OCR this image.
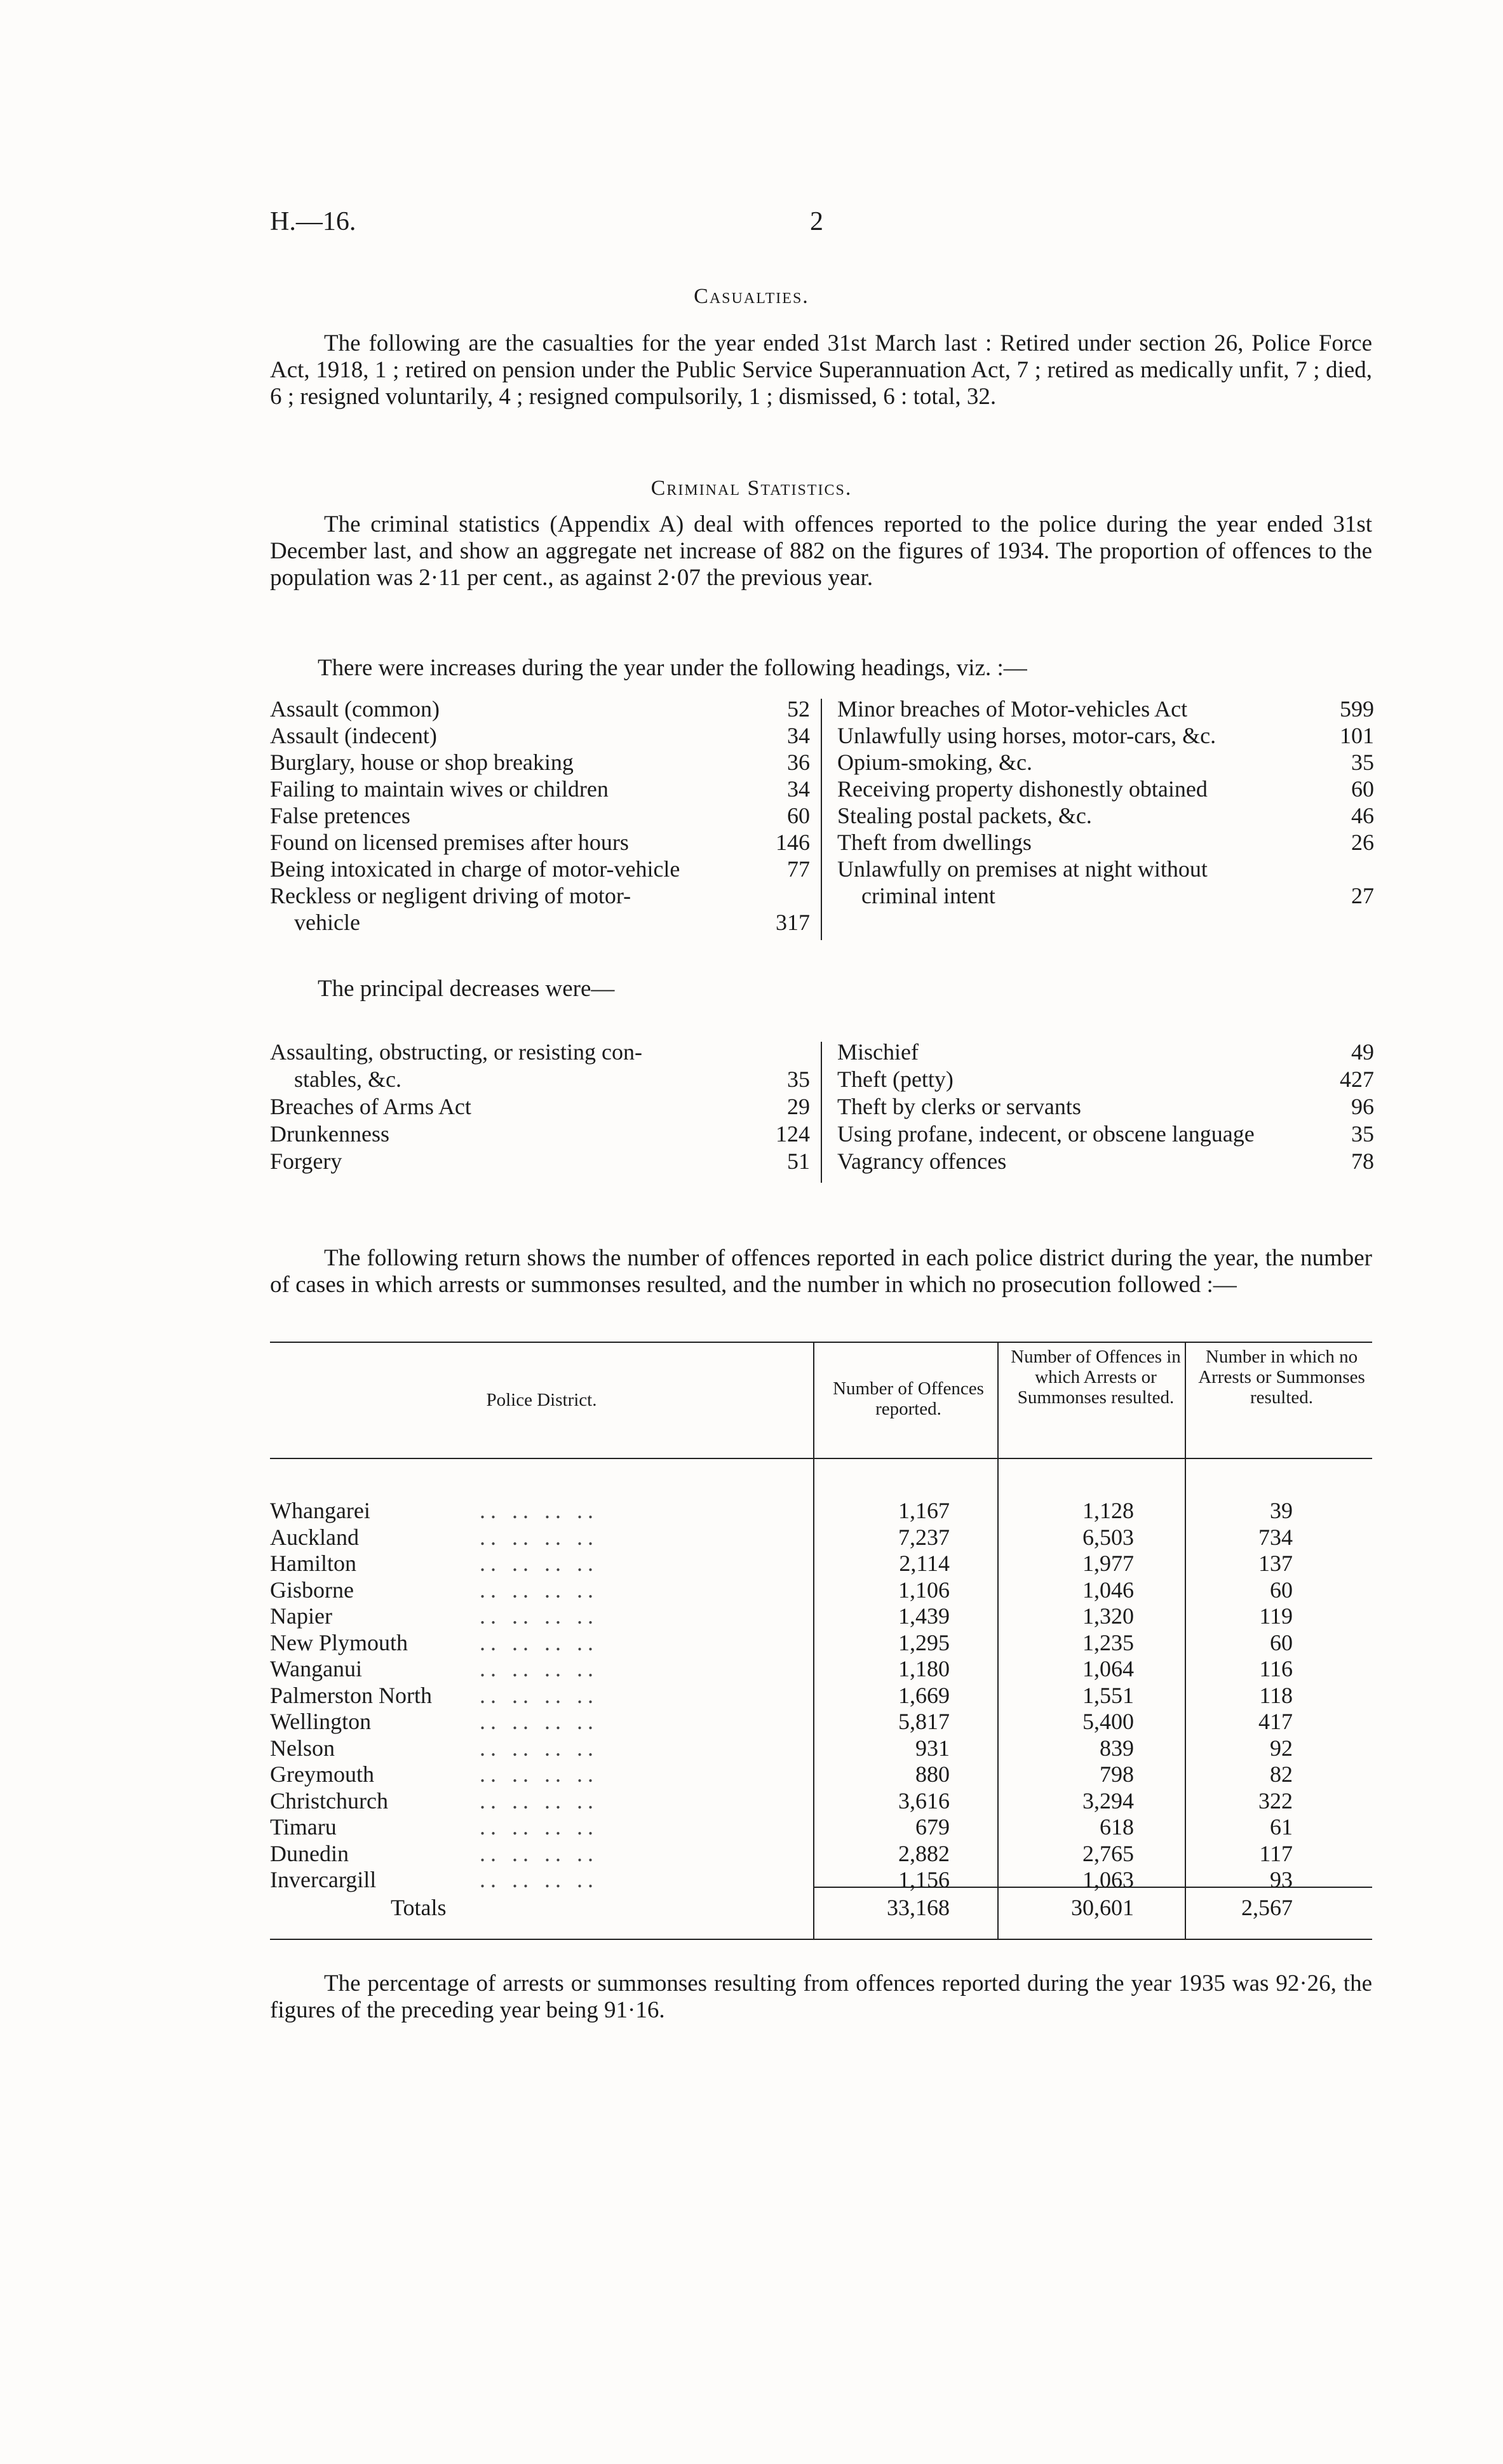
H.—16.	2
Casualties.
The following are the casualties for the year ended 31st March last : Retired under section 26, Police Force Act, 1918, 1 ; retired on pension under the Public Service Superannuation Act, 7 ; retired as medically unfit, 7 ; died, 6 ; resigned voluntarily, 4 ; resigned compulsorily, 1 ; dismissed, 6 : total, 32.
Criminal Statistics.
The criminal statistics (Appendix A) deal with offences reported to the police during the year ended 31st December last, and show an aggregate net increase of 882 on the figures of 1934. The proportion of offences to the population was 2·11 per cent., as against 2·07 the previous year.
There were increases during the year under the following headings, viz. :—
Assault (common)	52
Assault (indecent)	34
Burglary, house or shop breaking	36
Failing to maintain wives or children	34
False pretences	60
Found on licensed premises after hours	146
Being intoxicated in charge of motor-vehicle	77
Reckless or negligent driving of motor-
vehicle	317
Minor breaches of Motor-vehicles Act	599
Unlawfully using horses, motor-cars, &c.	101
Opium-smoking, &c.	35
Receiving property dishonestly obtained	60
Stealing postal packets, &c.	46
Theft from dwellings	26
Unlawfully on premises at night without
criminal intent	27
The principal decreases were—
Assaulting, obstructing, or resisting con-
stables, &c.	35
Breaches of Arms Act	29
Drunkenness	124
Forgery	51
Mischief	49
Theft (petty)	427
Theft by clerks or servants	96
Using profane, indecent, or obscene language	35
Vagrancy offences	78
The following return shows the number of offences reported in each police district during the year, the number of cases in which arrests or summonses resulted, and the number in which no prosecution followed :—
Police District.
Number of Offences reported.
Number of Offences in which Arrests or Summonses resulted.
Number in which no Arrests or Summonses resulted.
Whangarei	.. .. .. ..	1,167	1,128	39
Auckland	.. .. .. ..	7,237	6,503	734
Hamilton	.. .. .. ..	2,114	1,977	137
Gisborne	.. .. .. ..	1,106	1,046	60
Napier	.. .. .. ..	1,439	1,320	119
New Plymouth	.. .. .. ..	1,295	1,235	60
Wanganui	.. .. .. ..	1,180	1,064	116
Palmerston North .. .. .. ..	1,669	1,551	118
Wellington	.. .. .. ..	5,817	5,400	417
Nelson	.. .. .. ..	931	839	92
Greymouth	.. .. .. ..	880	798	82
Christchurch	.. .. .. ..	3,616	3,294	322
Timaru	.. .. .. ..	679	618	61
Dunedin	.. .. .. ..	2,882	2,765	117
Invercargill	.. .. .. ..	1,156	1,063	93
Totals	33,168	30,601	2,567
The percentage of arrests or summonses resulting from offences reported during the year 1935 was 92·26, the figures of the preceding year being 91·16.
